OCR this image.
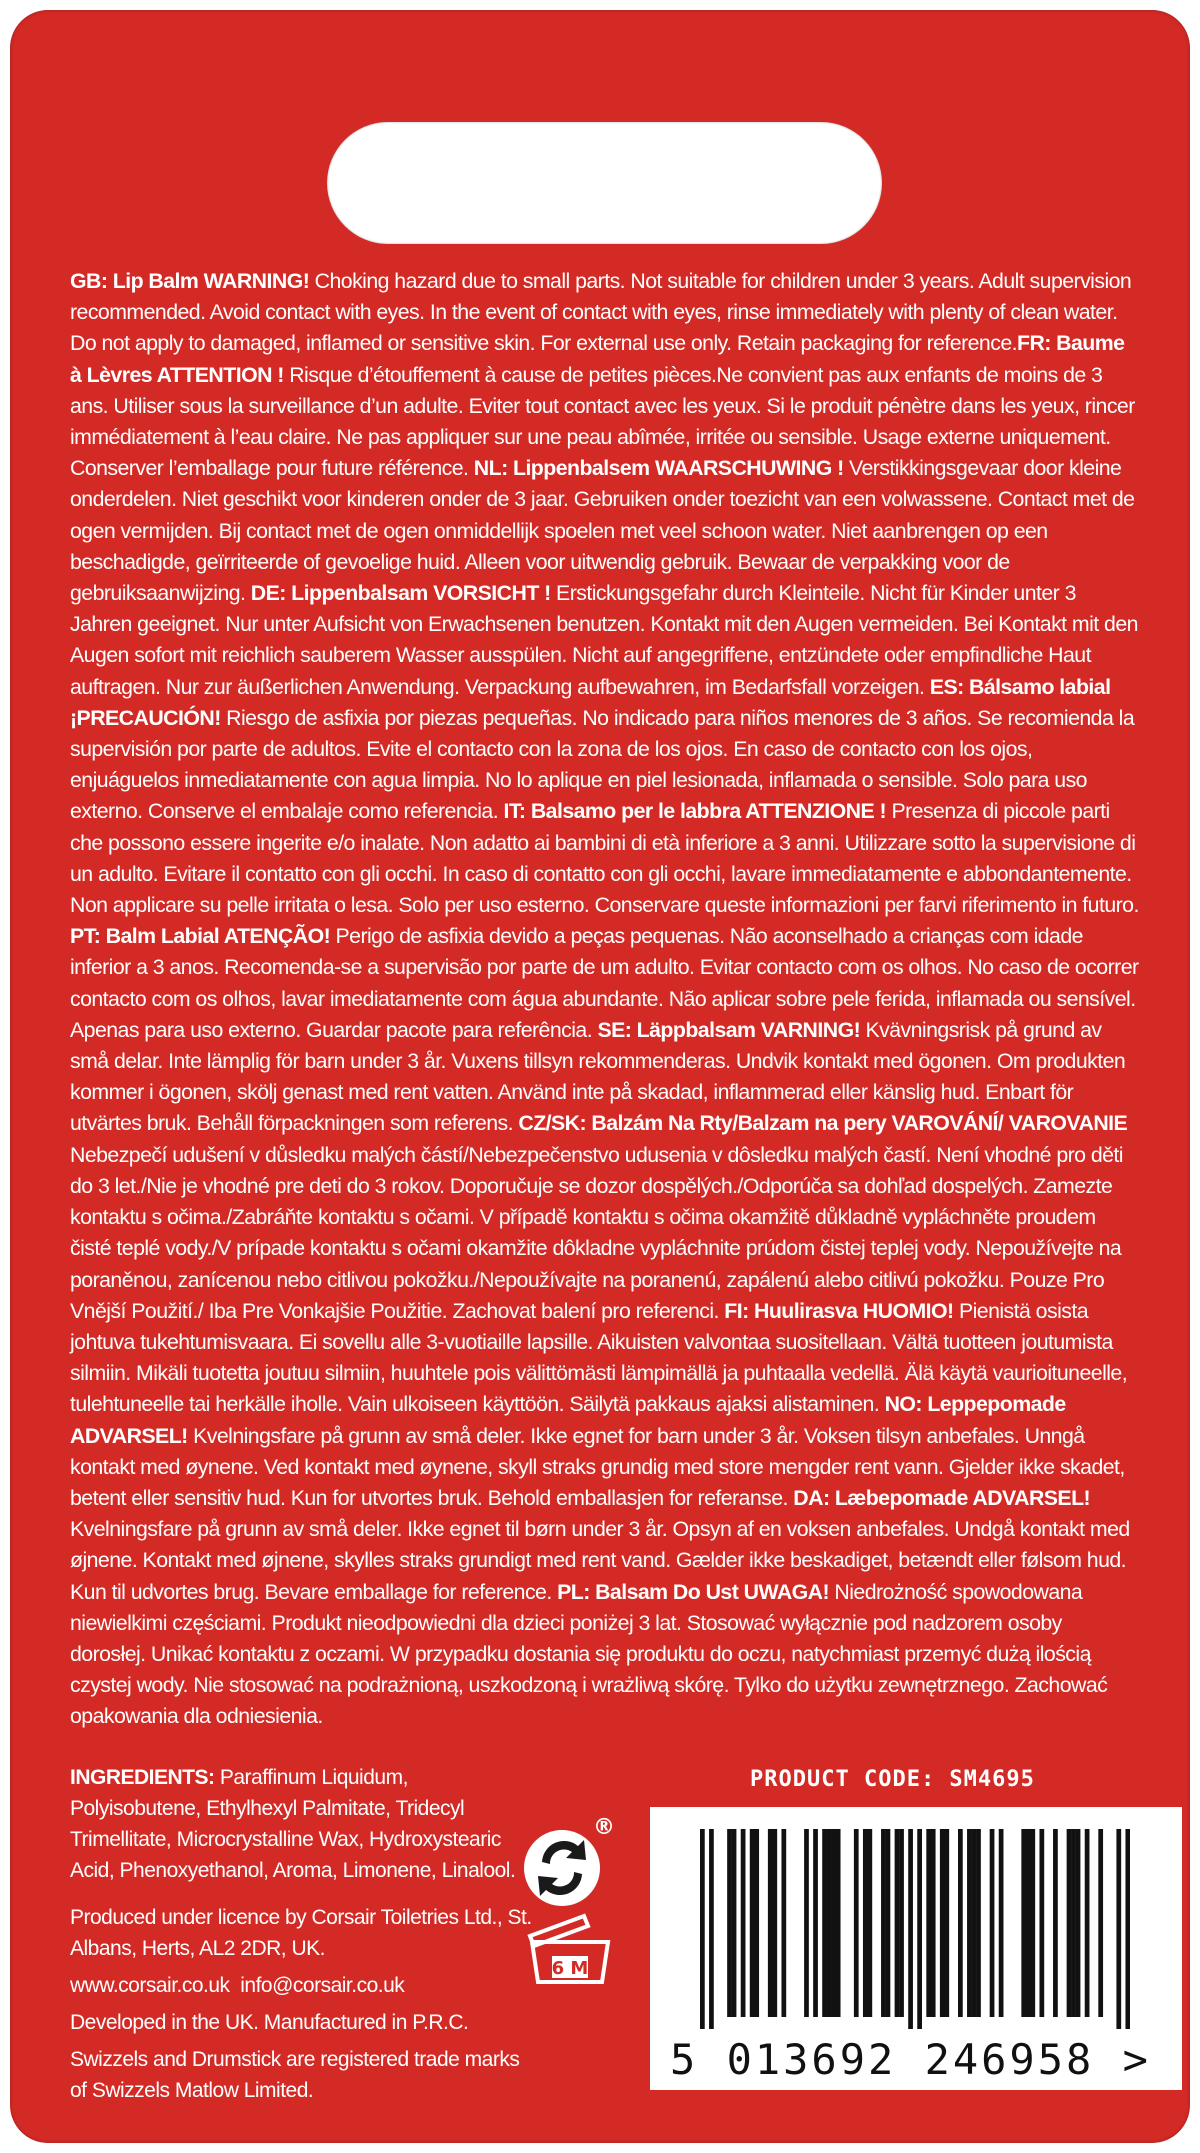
GB: Lip Balm WARNING! Choking hazard due to small parts. Not suitable for children under 3 years. Adult supervision recommended. Avoid contact with eyes. In the event of contact with eyes, rinse immediately with plenty of clean water. Do not apply to damaged, inflamed or sensitive skin. For external use only. Retain packaging for reference.FR: Baume à Lèvres ATTENTION ! Risque d’étouffement à cause de petites pièces.Ne convient pas aux enfants de moins de 3 ans. Utiliser sous la surveillance d’un adulte. Eviter tout contact avec les yeux. Si le produit pénètre dans les yeux, rincer immédiatement à l’eau claire. Ne pas appliquer sur une peau abîmée, irritée ou sensible. Usage externe uniquement. Conserver l’emballage pour future référence. NL: Lippenbalsem WAARSCHUWING ! Verstikkingsgevaar door kleine onderdelen. Niet geschikt voor kinderen onder de 3 jaar. Gebruiken onder toezicht van een volwassene. Contact met de ogen vermijden. Bij contact met de ogen onmiddellijk spoelen met veel schoon water. Niet aanbrengen op een beschadigde, geïrriteerde of gevoelige huid. Alleen voor uitwendig gebruik. Bewaar de verpakking voor de gebruiksaanwijzing. DE: Lippenbalsam VORSICHT ! Erstickungsgefahr durch Kleinteile. Nicht für Kinder unter 3 Jahren geeignet. Nur unter Aufsicht von Erwachsenen benutzen. Kontakt mit den Augen vermeiden. Bei Kontakt mit den Augen sofort mit reichlich sauberem Wasser ausspülen. Nicht auf angegriffene, entzündete oder empfindliche Haut auftragen. Nur zur äußerlichen Anwendung. Verpackung aufbewahren, im Bedarfsfall vorzeigen. ES: Bálsamo labial ¡PRECAUCIÓN! Riesgo de asfixia por piezas pequeñas. No indicado para niños menores de 3 años. Se recomienda la supervisión por parte de adultos. Evite el contacto con la zona de los ojos. En caso de contacto con los ojos, enjuáguelos inmediatamente con agua limpia. No lo aplique en piel lesionada, inflamada o sensible. Solo para uso externo. Conserve el embalaje como referencia. IT: Balsamo per le labbra ATTENZIONE ! Presenza di piccole parti che possono essere ingerite e/o inalate. Non adatto ai bambini di età inferiore a 3 anni. Utilizzare sotto la supervisione di un adulto. Evitare il contatto con gli occhi. In caso di contatto con gli occhi, lavare immediatamente e abbondantemente. Non applicare su pelle irritata o lesa. Solo per uso esterno. Conservare queste informazioni per farvi riferimento in futuro. PT: Balm Labial ATENÇÃO! Perigo de asfixia devido a peças pequenas. Não aconselhado a crianças com idade inferior a 3 anos. Recomenda-se a supervisão por parte de um adulto. Evitar contacto com os olhos. No caso de ocorrer contacto com os olhos, lavar imediatamente com água abundante. Não aplicar sobre pele ferida, inflamada ou sensível. Apenas para uso externo. Guardar pacote para referência. SE: Läppbalsam VARNING! Kvävningsrisk på grund av små delar. Inte lämplig för barn under 3 år. Vuxens tillsyn rekommenderas. Undvik kontakt med ögonen. Om produkten kommer i ögonen, skölj genast med rent vatten. Använd inte på skadad, inflammerad eller känslig hud. Enbart för utvärtes bruk. Behåll förpackningen som referens. CZ/SK: Balzám Na Rty/Balzam na pery VAROVÁNÍ/ VAROVANIE Nebezpečí udušení v důsledku malých částí/Nebezpečenstvo udusenia v dôsledku malých častí. Není vhodné pro děti do 3 let./Nie je vhodné pre deti do 3 rokov. Doporučuje se dozor dospělých./Odporúča sa dohľad dospelých. Zamezte kontaktu s očima./Zabráňte kontaktu s očami. V případě kontaktu s očima okamžitě důkladně vypláchněte proudem čisté teplé vody./V prípade kontaktu s očami okamžite dôkladne vypláchnite prúdom čistej teplej vody. Nepoužívejte na poraněnou, zanícenou nebo citlivou pokožku./Nepoužívajte na poranenú, zapálenú alebo citlivú pokožku. Pouze Pro Vnější Použití./ Iba Pre Vonkajšie Použitie. Zachovat balení pro referenci. FI: Huulirasva HUOMIO! Pienistä osista johtuva tukehtumisvaara. Ei sovellu alle 3-vuotiaille lapsille. Aikuisten valvontaa suositellaan. Vältä tuotteen joutumista silmiin. Mikäli tuotetta joutuu silmiin, huuhtele pois välittömästi lämpimällä ja puhtaalla vedellä. Älä käytä vaurioituneelle, tulehtuneelle tai herkälle iholle. Vain ulkoiseen käyttöön. Säilytä pakkaus ajaksi alistaminen. NO: Leppepomade ADVARSEL! Kvelningsfare på grunn av små deler. Ikke egnet for barn under 3 år. Voksen tilsyn anbefales. Unngå kontakt med øynene. Ved kontakt med øynene, skyll straks grundig med store mengder rent vann. Gjelder ikke skadet, betent eller sensitiv hud. Kun for utvortes bruk. Behold emballasjen for referanse. DA: Læbepomade ADVARSEL! Kvelningsfare på grunn av små deler. Ikke egnet til børn under 3 år. Opsyn af en voksen anbefales. Undgå kontakt med øjnene. Kontakt med øjnene, skylles straks grundigt med rent vand. Gælder ikke beskadiget, betændt eller følsom hud. Kun til udvortes brug. Bevare emballage for reference. PL: Balsam Do Ust UWAGA! Niedrożność spowodowana niewielkimi częściami. Produkt nieodpowiedni dla dzieci poniżej 3 lat. Stosować wyłącznie pod nadzorem osoby dorosłej. Unikać kontaktu z oczami. W przypadku dostania się produktu do oczu, natychmiast przemyć dużą ilością czystej wody. Nie stosować na podrażnioną, uszkodzoną i wrażliwą skórę. Tylko do użytku zewnętrznego. Zachować opakowania dla odniesienia.

INGREDIENTS: Paraffinum Liquidum, Polyisobutene, Ethylhexyl Palmitate, Tridecyl Trimellitate, Microcrystalline Wax, Hydroxystearic Acid, Phenoxyethanol, Aroma, Limonene, Linalool.

Produced under licence by Corsair Toiletries Ltd., St. Albans, Herts, AL2 2DR, UK.

www.corsair.co.uk  info@corsair.co.uk

Developed in the UK. Manufactured in P.R.C.

Swizzels and Drumstick are registered trade marks of Swizzels Matlow Limited.

®
6 M
PRODUCT CODE: SM4695
5 013692 246958 >
